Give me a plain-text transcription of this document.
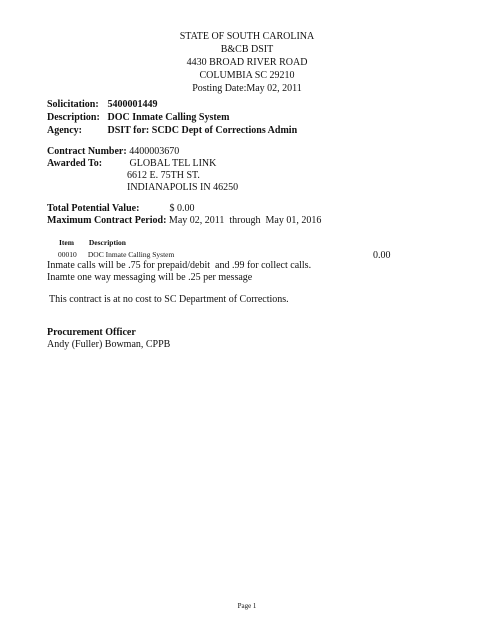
STATE OF SOUTH CAROLINA
B&CB DSIT
4430 BROAD RIVER ROAD
COLUMBIA SC 29210
Posting Date:May 02, 2011
Solicitation: 5400001449
Description: DOC Inmate Calling System
Agency:	DSIT for: SCDC Dept of Corrections Admin
Contract Number: 4400003670
Awarded To:	GLOBAL TEL LINK
6612 E. 75TH ST.
INDIANAPOLIS IN 46250
Total Potential Value:	$ 0.00
Maximum Contract Period: May 02, 2011  through  May 01, 2016
Item Description
00010 DOC Inmate Calling System	0.00
Inmate calls will be .75 for prepaid/debit  and .99 for collect calls.
Inamte one way messaging will be .25 per message
This contract is at no cost to SC Department of Corrections.
Procurement Officer
Andy (Fuller) Bowman, CPPB
Page 1
